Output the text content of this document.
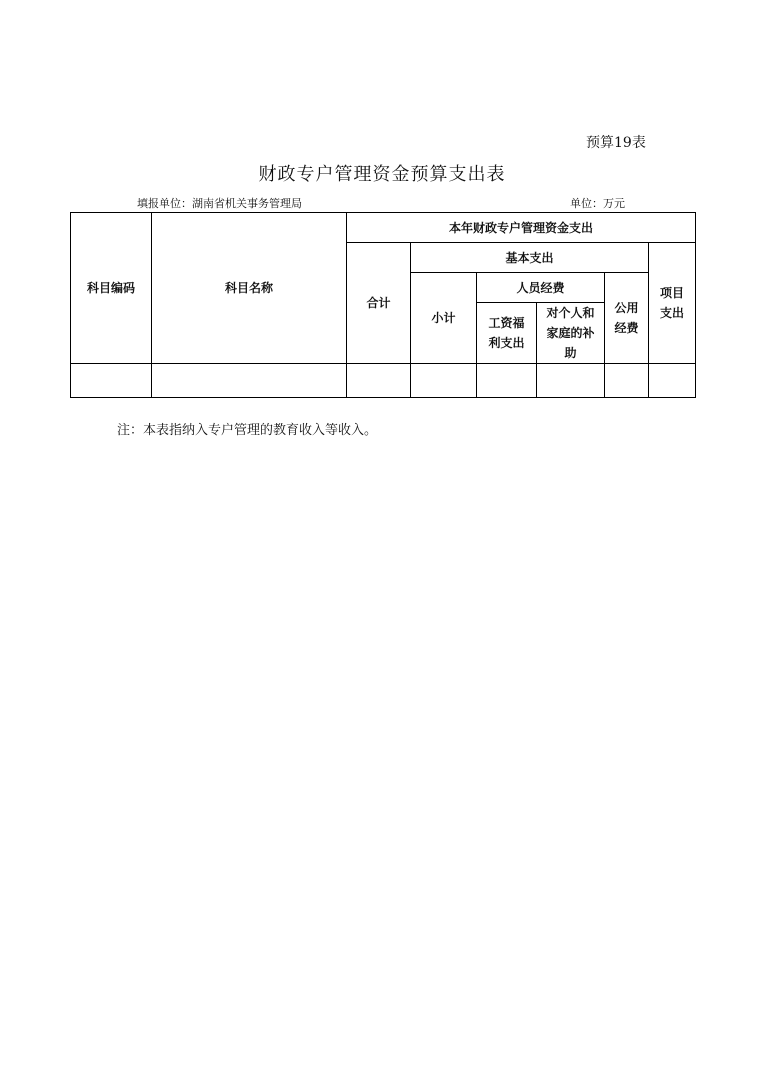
预算19表
财政专户管理资金预算支出表
填报单位：湖南省机关事务管理局	单位：万元
科目编码	科目名称	本年财政专户管理资金支出					
		合计	基本支出				项目支出

			小计	人员经费		公用经费	

				工资福利支出	对个人和家庭的补助		

注：本表指纳入专户管理的教育收入等收入。
